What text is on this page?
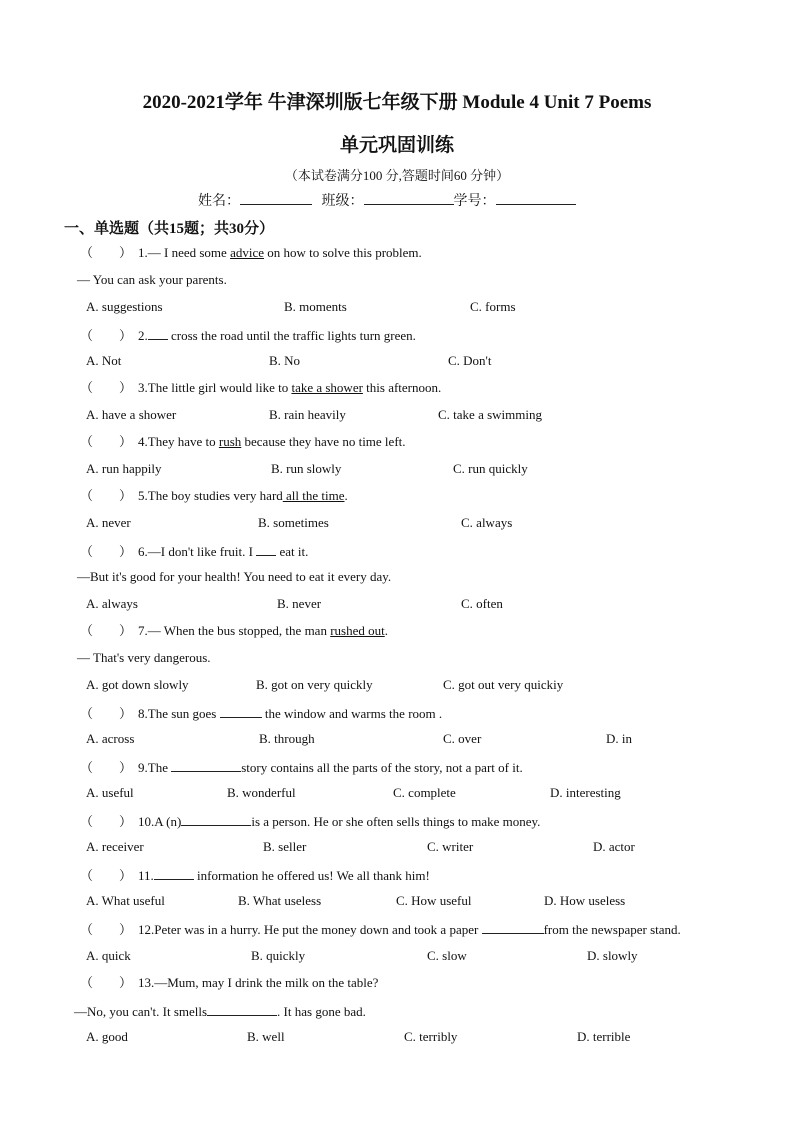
2020-2021学年 牛津深圳版七年级下册 Module 4 Unit 7 Poems
单元巩固训练
（本试卷满分100 分,答题时间60 分钟）
姓名：	班级：	学号：
一、单选题（共15题；共30分）
（　　） 1.— I need some advice on how to solve this problem.
— You can ask your parents.
A. suggestions	B. moments	C. forms
（　　） 2. cross the road until the traffic lights turn green.
A. Not	B. No	C. Don't
（　　） 3.The little girl would like to take a shower this afternoon.
A. have a shower	B. rain heavily	C. take a swimming
（　　） 4.They have to rush because they have no time left.
A. run happily	B. run slowly	C. run quickly
（　　） 5.The boy studies very hard all the time.
A. never	B. sometimes	C. always
（　　） 6.—I don't like fruit. I  eat it.
—But it's good for your health! You need to eat it every day.
A. always	B. never	C. often
（　　） 7.— When the bus stopped, the man rushed out.
— That's very dangerous.
A. got down slowly	B. got on very quickly	C. got out very quickiy
（　　） 8.The sun goes	the window and warms the room .
A. across	B. through	C. over	D. in
（　　） 9.The	story contains all the parts of the story, not a part of it.
A. useful	B. wonderful	C. complete	D. interesting
（　　） 10.A (n)	is a person. He or she often sells things to make money.
A. receiver	B. seller	C. writer	D. actor
（　　） 11.	information he offered us! We all thank him!
A. What useful	B. What useless	C. How useful	D. How useless
（　　） 12.Peter was in a hurry. He put the money down and took a paper	from the newspaper stand.
A. quick	B. quickly	C. slow	D. slowly
（　　） 13.—Mum, may I drink the milk on the table?
—No, you can't. It smells	. It has gone bad.
A. good	B. well	C. terribly	D. terrible
